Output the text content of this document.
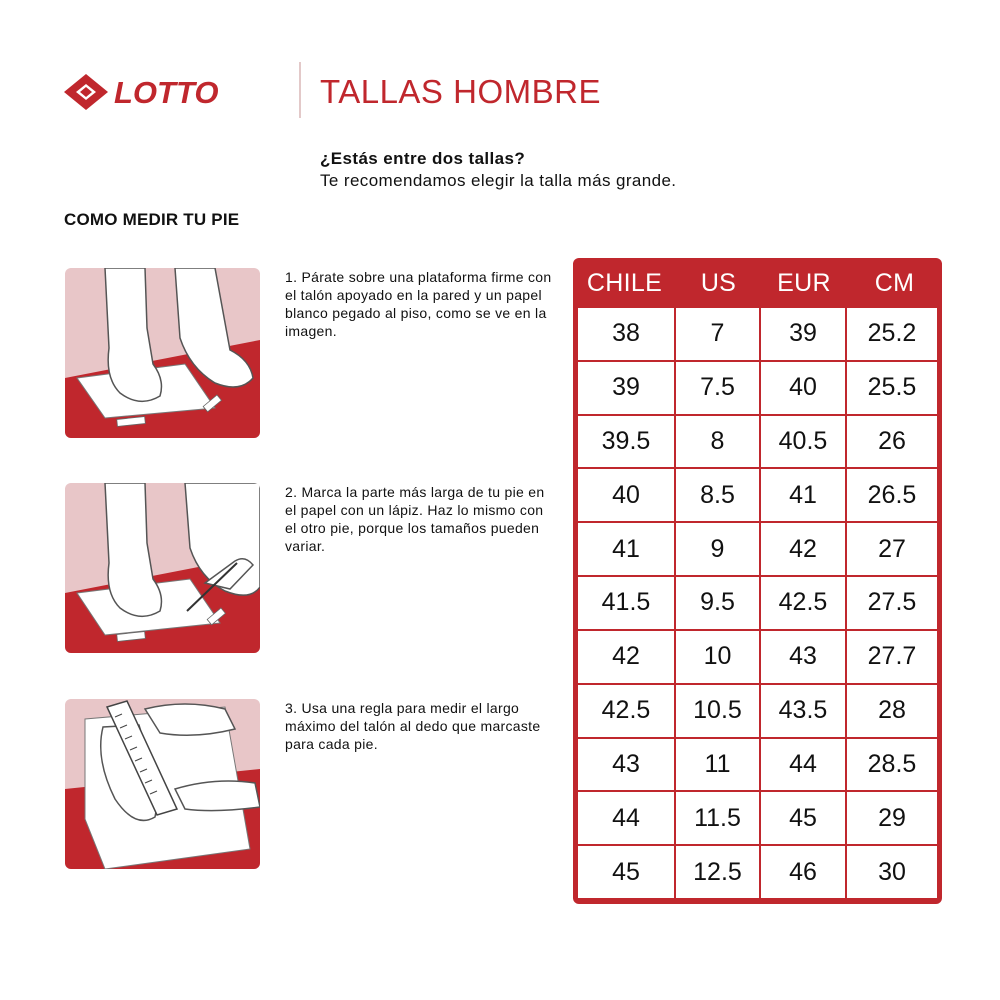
LOTTO	TALLAS HOMBRE
¿Estás entre dos tallas?
Te recomendamos elegir la talla más grande.
COMO MEDIR TU PIE
1. Párate sobre una plataforma firme con el talón apoyado en la pared y un papel blanco pegado al piso, como se ve en la imagen.
2. Marca la parte más larga de tu pie en el papel con un lápiz. Haz lo mismo con el otro pie, porque los tamaños pueden variar.
3. Usa una regla para medir el largo máximo del talón al dedo que marcaste para cada pie.
CHILE	US	EUR	CM
38	7	39	25.2
39	7.5	40	25.5
39.5	8	40.5	26
40	8.5	41	26.5
41	9	42	27
41.5	9.5	42.5	27.5
42	10	43	27.7
42.5	10.5	43.5	28
43	11	44	28.5
44	11.5	45	29
45	12.5	46	30
